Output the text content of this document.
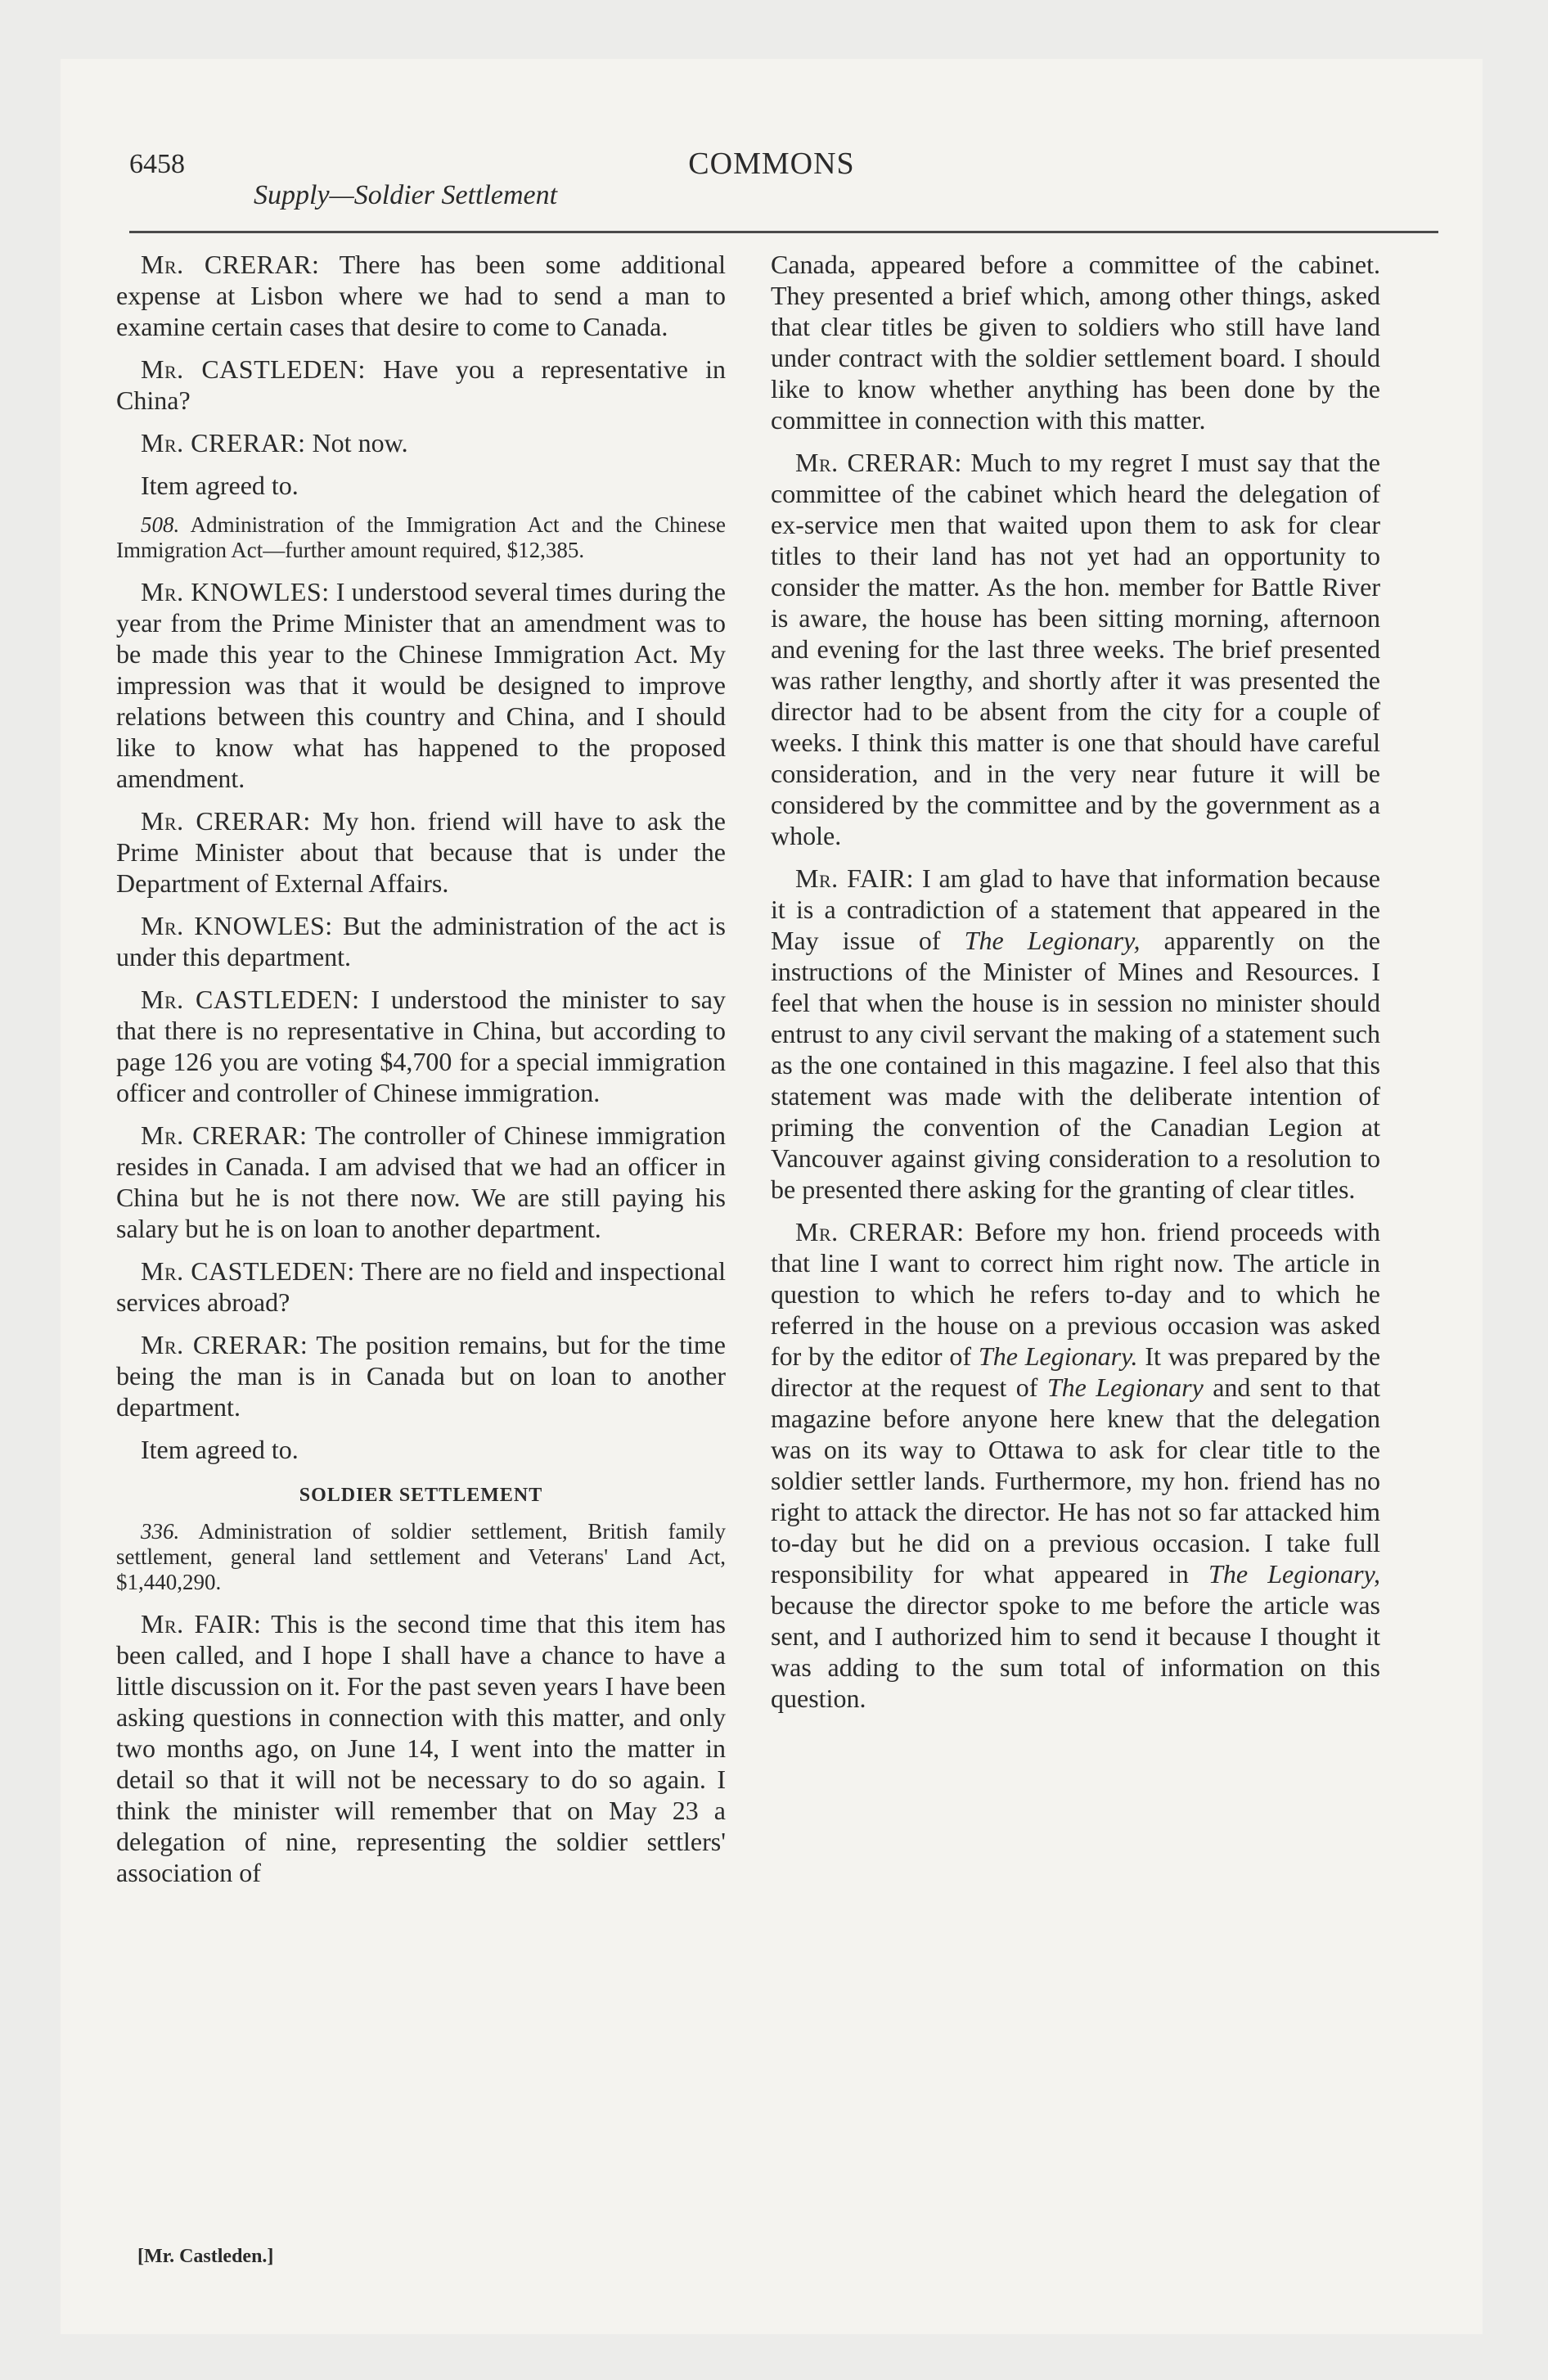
6458	COMMONS
Supply—Soldier Settlement

Mr. CRERAR: There has been some additional expense at Lisbon where we had to send a man to examine certain cases that desire to come to Canada.

Mr. CASTLEDEN: Have you a representative in China?

Mr. CRERAR: Not now.

Item agreed to.

508. Administration of the Immigration Act and the Chinese Immigration Act—further amount required, $12,385.

Mr. KNOWLES: I understood several times during the year from the Prime Minister that an amendment was to be made this year to the Chinese Immigration Act. My impression was that it would be designed to improve relations between this country and China, and I should like to know what has happened to the proposed amendment.

Mr. CRERAR: My hon. friend will have to ask the Prime Minister about that because that is under the Department of External Affairs.

Mr. KNOWLES: But the administration of the act is under this department.

Mr. CASTLEDEN: I understood the minister to say that there is no representative in China, but according to page 126 you are voting $4,700 for a special immigration officer and controller of Chinese immigration.

Mr. CRERAR: The controller of Chinese immigration resides in Canada. I am advised that we had an officer in China but he is not there now. We are still paying his salary but he is on loan to another department.

Mr. CASTLEDEN: There are no field and inspectional services abroad?

Mr. CRERAR: The position remains, but for the time being the man is in Canada but on loan to another department.

Item agreed to.

SOLDIER SETTLEMENT

336. Administration of soldier settlement, British family settlement, general land settlement and Veterans' Land Act, $1,440,290.

Mr. FAIR: This is the second time that this item has been called, and I hope I shall have a chance to have a little discussion on it. For the past seven years I have been asking questions in connection with this matter, and only two months ago, on June 14, I went into the matter in detail so that it will not be necessary to do so again. I think the minister will remember that on May 23 a delegation of nine, representing the soldier settlers' association of

Canada, appeared before a committee of the cabinet. They presented a brief which, among other things, asked that clear titles be given to soldiers who still have land under contract with the soldier settlement board. I should like to know whether anything has been done by the committee in connection with this matter.

Mr. CRERAR: Much to my regret I must say that the committee of the cabinet which heard the delegation of ex-service men that waited upon them to ask for clear titles to their land has not yet had an opportunity to consider the matter. As the hon. member for Battle River is aware, the house has been sitting morning, afternoon and evening for the last three weeks. The brief presented was rather lengthy, and shortly after it was presented the director had to be absent from the city for a couple of weeks. I think this matter is one that should have careful consideration, and in the very near future it will be considered by the committee and by the government as a whole.

Mr. FAIR: I am glad to have that information because it is a contradiction of a statement that appeared in the May issue of The Legionary, apparently on the instructions of the Minister of Mines and Resources. I feel that when the house is in session no minister should entrust to any civil servant the making of a statement such as the one contained in this magazine. I feel also that this statement was made with the deliberate intention of priming the convention of the Canadian Legion at Vancouver against giving consideration to a resolution to be presented there asking for the granting of clear titles.

Mr. CRERAR: Before my hon. friend proceeds with that line I want to correct him right now. The article in question to which he refers to-day and to which he referred in the house on a previous occasion was asked for by the editor of The Legionary. It was prepared by the director at the request of The Legionary and sent to that magazine before anyone here knew that the delegation was on its way to Ottawa to ask for clear title to the soldier settler lands. Furthermore, my hon. friend has no right to attack the director. He has not so far attacked him to-day but he did on a previous occasion. I take full responsibility for what appeared in The Legionary, because the director spoke to me before the article was sent, and I authorized him to send it because I thought it was adding to the sum total of information on this question.

[Mr. Castleden.]
